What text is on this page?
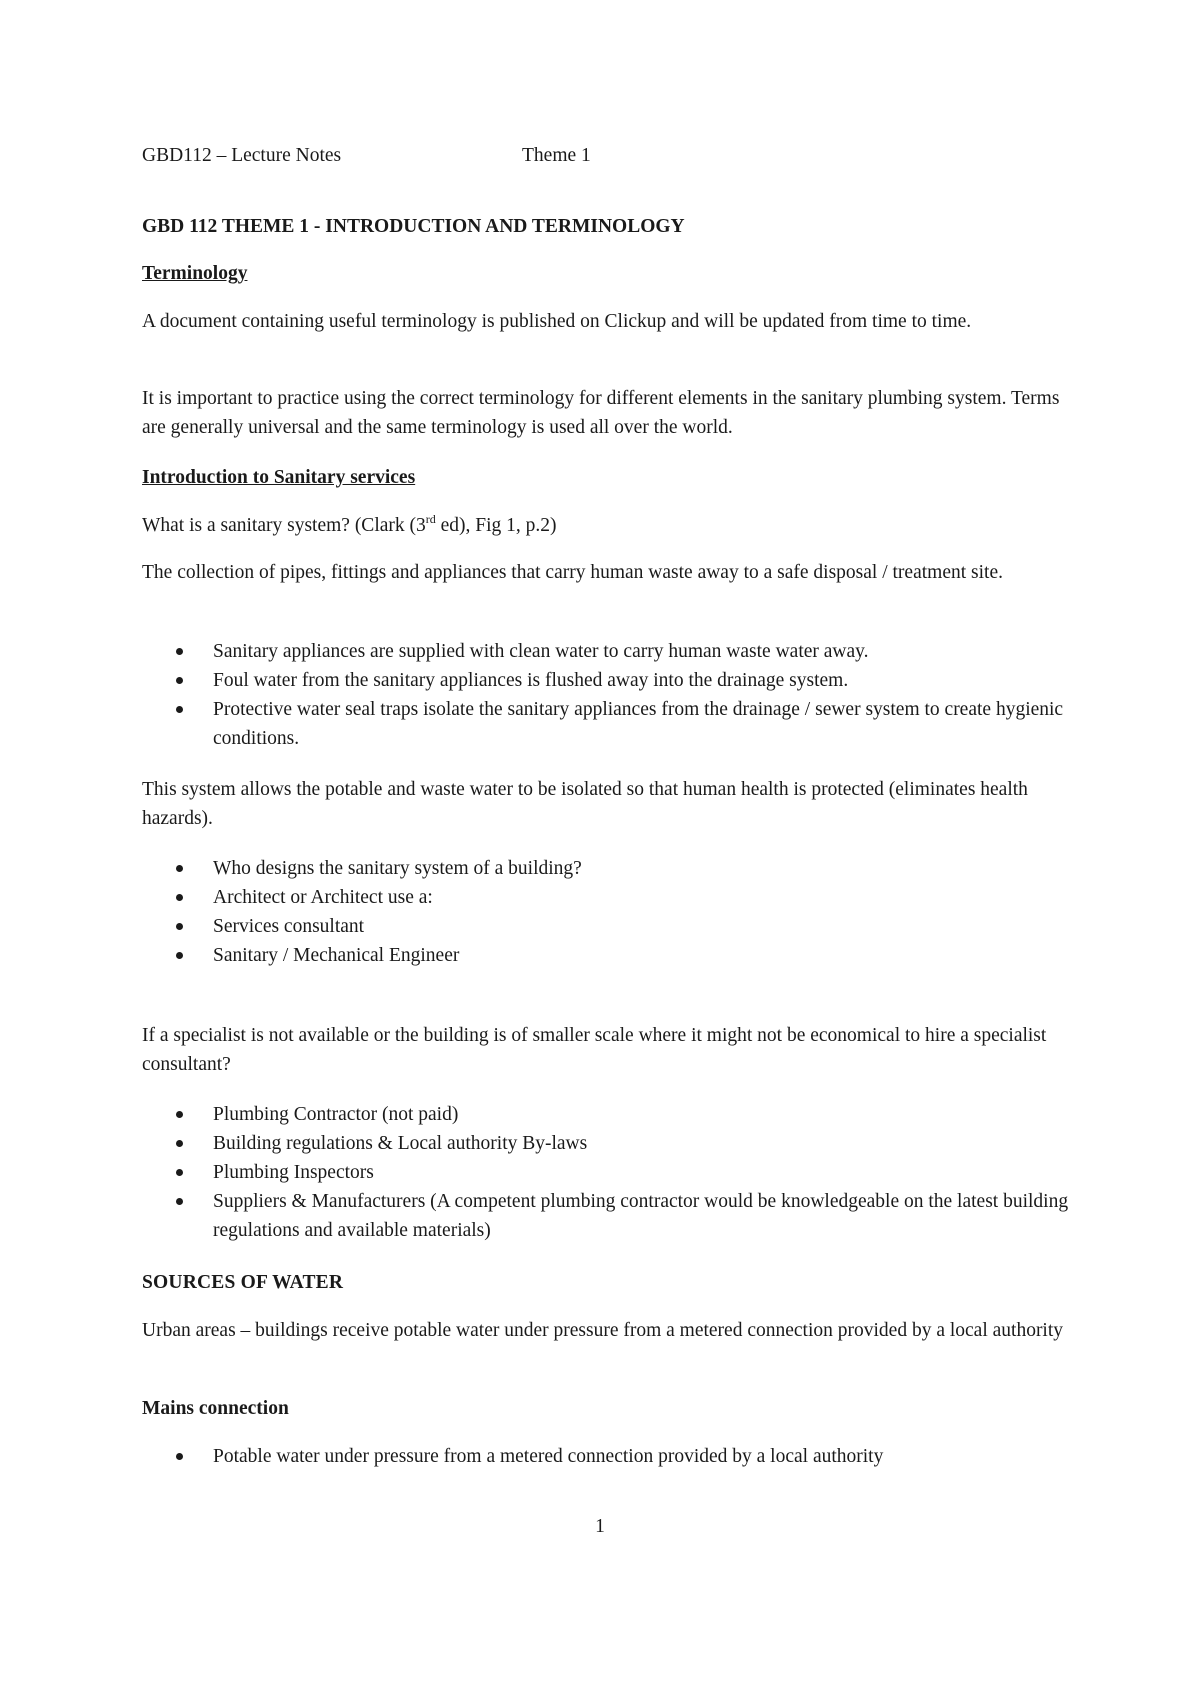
GBD112 – Lecture Notes	Theme 1
GBD 112 THEME 1 - INTRODUCTION AND TERMINOLOGY
Terminology
A document containing useful terminology is published on Clickup and will be updated from time to time.
It is important to practice using the correct terminology for different elements in the sanitary plumbing system. Terms are generally universal and the same terminology is used all over the world.
Introduction to Sanitary services
What is a sanitary system? (Clark (3rd ed), Fig 1, p.2)
The collection of pipes, fittings and appliances that carry human waste away to a safe disposal / treatment site.
Sanitary appliances are supplied with clean water to carry human waste water away.
Foul water from the sanitary appliances is flushed away into the drainage system.
Protective water seal traps isolate the sanitary appliances from the drainage / sewer system to create hygienic conditions.
This system allows the potable and waste water to be isolated so that human health is protected (eliminates health hazards).
Who designs the sanitary system of a building?
Architect or Architect use a:
Services consultant
Sanitary / Mechanical Engineer
If a specialist is not available or the building is of smaller scale where it might not be economical to hire a specialist consultant?
Plumbing Contractor (not paid)
Building regulations & Local authority By-laws
Plumbing Inspectors
Suppliers & Manufacturers (A competent plumbing contractor would be knowledgeable on the latest building regulations and available materials)
SOURCES OF WATER
Urban areas – buildings receive potable water under pressure from a metered connection provided by a local authority
Mains connection
Potable water under pressure from a metered connection provided by a local authority
1
